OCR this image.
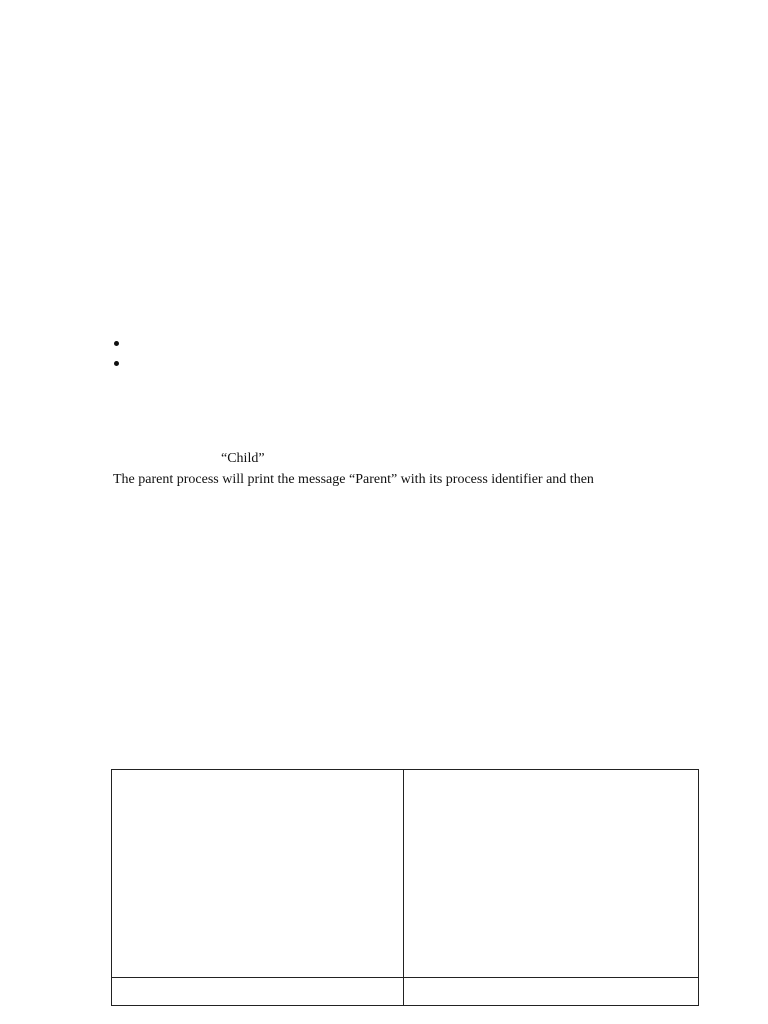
“Child”
The parent process will print the message “Parent” with its process identifier and then
